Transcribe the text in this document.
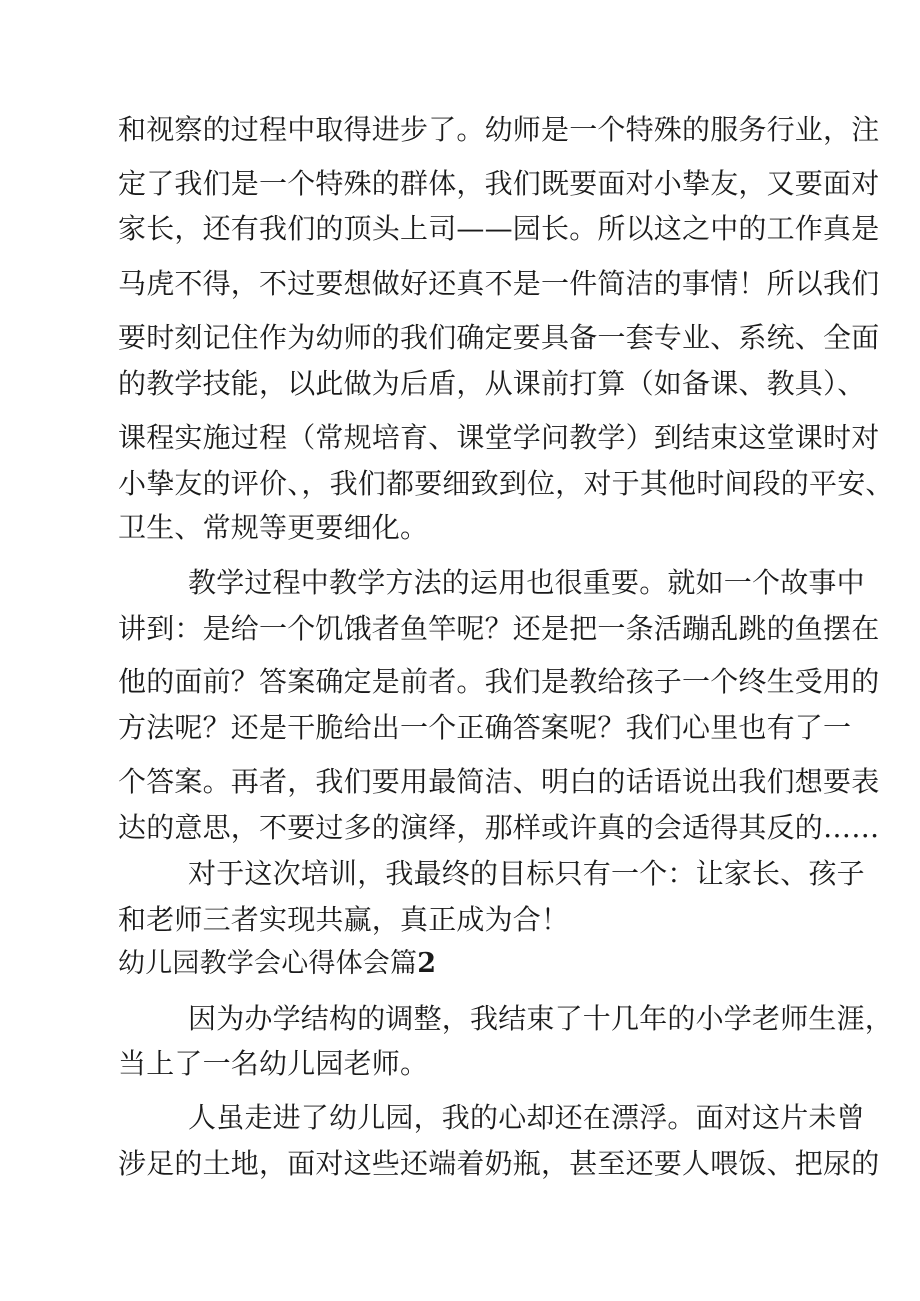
和视察的过程中取得进步了。幼师是一个特殊的服务行业，注
定了我们是一个特殊的群体，我们既要面对小挚友，又要面对
家长，还有我们的顶头上司——园长。所以这之中的工作真是
马虎不得，不过要想做好还真不是一件简洁的事情！所以我们
要时刻记住作为幼师的我们确定要具备一套专业、系统、全面
的教学技能，以此做为后盾，从课前打算（如备课、教具）、
课程实施过程（常规培育、课堂学问教学）到结束这堂课时对
小挚友的评价、，我们都要细致到位，对于其他时间段的平安、
卫生、常规等更要细化。
教学过程中教学方法的运用也很重要。就如一个故事中
讲到：是给一个饥饿者鱼竿呢？还是把一条活蹦乱跳的鱼摆在
他的面前？答案确定是前者。我们是教给孩子一个终生受用的
方法呢？还是干脆给出一个正确答案呢？我们心里也有了一
个答案。再者，我们要用最简洁、明白的话语说出我们想要表
达的意思，不要过多的演绎，那样或许真的会适得其反的……
对于这次培训，我最终的目标只有一个：让家长、孩子
和老师三者实现共赢，真正成为合！
幼儿园教学会心得体会篇2
因为办学结构的调整，我结束了十几年的小学老师生涯，
当上了一名幼儿园老师。
人虽走进了幼儿园，我的心却还在漂浮。面对这片未曾
涉足的土地，面对这些还端着奶瓶，甚至还要人喂饭、把尿的
